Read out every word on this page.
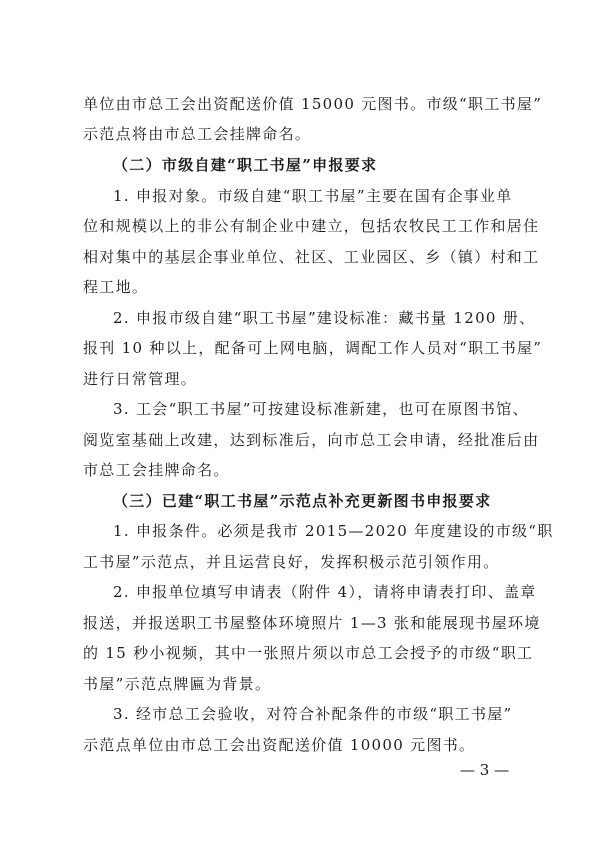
单位由市总工会出资配送价值 15000 元图书。市级“职工书屋”
示范点将由市总工会挂牌命名。
（二）市级自建“职工书屋”申报要求
1. 申报对象。市级自建“职工书屋”主要在国有企事业单
位和规模以上的非公有制企业中建立，包括农牧民工工作和居住
相对集中的基层企事业单位、社区、工业园区、乡（镇）村和工
程工地。
2. 申报市级自建“职工书屋”建设标准：藏书量 1200 册、
报刊 10 种以上，配备可上网电脑，调配工作人员对“职工书屋”
进行日常管理。
3. 工会“职工书屋”可按建设标准新建，也可在原图书馆、
阅览室基础上改建，达到标准后，向市总工会申请，经批准后由
市总工会挂牌命名。
（三）已建“职工书屋”示范点补充更新图书申报要求
1. 申报条件。必须是我市 2015—2020 年度建设的市级“职
工书屋”示范点，并且运营良好，发挥积极示范引领作用。
2. 申报单位填写申请表（附件 4），请将申请表打印、盖章
报送，并报送职工书屋整体环境照片 1—3 张和能展现书屋环境
的 15 秒小视频，其中一张照片须以市总工会授予的市级“职工
书屋”示范点牌匾为背景。
3. 经市总工会验收，对符合补配条件的市级“职工书屋”
示范点单位由市总工会出资配送价值 10000 元图书。
— 3 —
